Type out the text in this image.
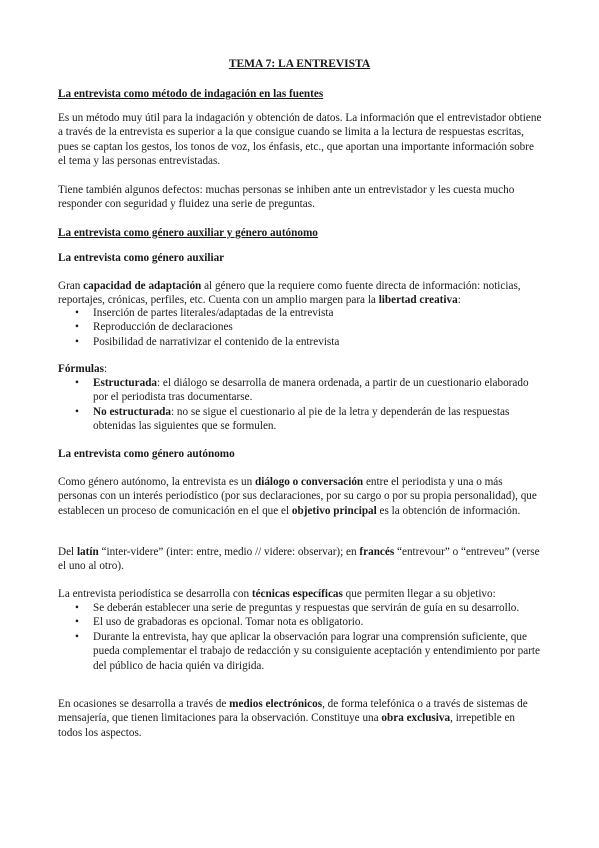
TEMA 7: LA ENTREVISTA
La entrevista como método de indagación en las fuentes

Es un método muy útil para la indagación y obtención de datos. La información que el entrevistador obtiene a través de la entrevista es superior a la que consigue cuando se limita a la lectura de respuestas escritas, pues se captan los gestos, los tonos de voz, los énfasis, etc., que aportan una importante información sobre el tema y las personas entrevistadas.

Tiene también algunos defectos: muchas personas se inhiben ante un entrevistador y les cuesta mucho responder con seguridad y fluidez una serie de preguntas.

La entrevista como género auxiliar y género autónomo
La entrevista como género auxiliar

Gran capacidad de adaptación al género que la requiere como fuente directa de información: noticias, reportajes, crónicas, perfiles, etc. Cuenta con un amplio margen para la libertad creativa:

• Inserción de partes literales/adaptadas de la entrevista
• Reproducción de declaraciones
• Posibilidad de narrativizar el contenido de la entrevista

Fórmulas:

• Estructurada: el diálogo se desarrolla de manera ordenada, a partir de un cuestionario elaborado por el periodista tras documentarse.
• No estructurada: no se sigue el cuestionario al pie de la letra y dependerán de las respuestas obtenidas las siguientes que se formulen.
La entrevista como género autónomo

Como género autónomo, la entrevista es un diálogo o conversación entre el periodista y una o más personas con un interés periodístico (por sus declaraciones, por su cargo o por su propia personalidad), que establecen un proceso de comunicación en el que el objetivo principal es la obtención de información.

Del latín “inter-videre” (inter: entre, medio // videre: observar); en francés “entrevour” o “entreveu” (verse el uno al otro).

La entrevista periodística se desarrolla con técnicas específicas que permiten llegar a su objetivo:

• Se deberán establecer una serie de preguntas y respuestas que servirán de guía en su desarrollo.
• El uso de grabadoras es opcional. Tomar nota es obligatorio.
• Durante la entrevista, hay que aplicar la observación para lograr una comprensión suficiente, que pueda complementar el trabajo de redacción y su consiguiente aceptación y entendimiento por parte del público de hacia quién va dirigida.

En ocasiones se desarrolla a través de medios electrónicos, de forma telefónica o a través de sistemas de mensajería, que tienen limitaciones para la observación. Constituye una obra exclusiva, irrepetible en todos los aspectos.
